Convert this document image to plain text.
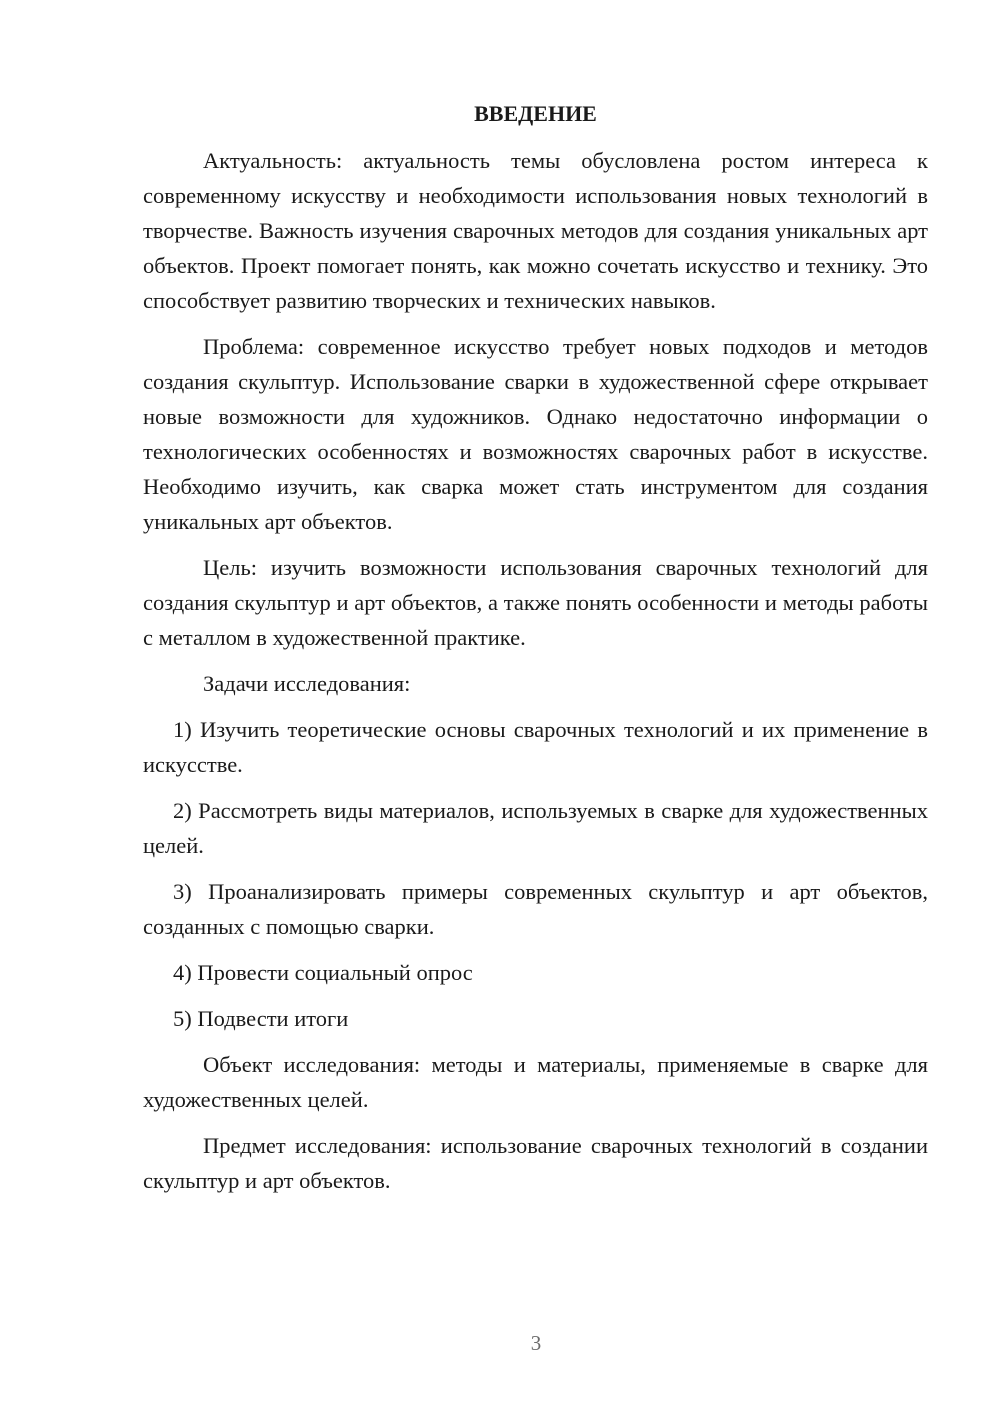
ВВЕДЕНИЕ

Актуальность: актуальность темы обусловлена ростом интереса к современному искусству и необходимости использования новых технологий в творчестве. Важность изучения сварочных методов для создания уникальных арт объектов. Проект помогает понять, как можно сочетать искусство и технику. Это способствует развитию творческих и технических навыков.

Проблема: современное искусство требует новых подходов и методов создания скульптур. Использование сварки в художественной сфере открывает новые возможности для художников. Однако недостаточно информации о технологических особенностях и возможностях сварочных работ в искусстве. Необходимо изучить, как сварка может стать инструментом для создания уникальных арт объектов.

Цель: изучить возможности использования сварочных технологий для создания скульптур и арт объектов, а также понять особенности и методы работы с металлом в художественной практике.

Задачи исследования:

1) Изучить теоретические основы сварочных технологий и их применение в искусстве.

2) Рассмотреть виды материалов, используемых в сварке для художественных целей.

3) Проанализировать примеры современных скульптур и арт объектов, созданных с помощью сварки.

4) Провести социальный опрос

5) Подвести итоги

Объект исследования: методы и материалы, применяемые в сварке для художественных целей.

Предмет исследования: использование сварочных технологий в создании скульптур и арт объектов.

3
